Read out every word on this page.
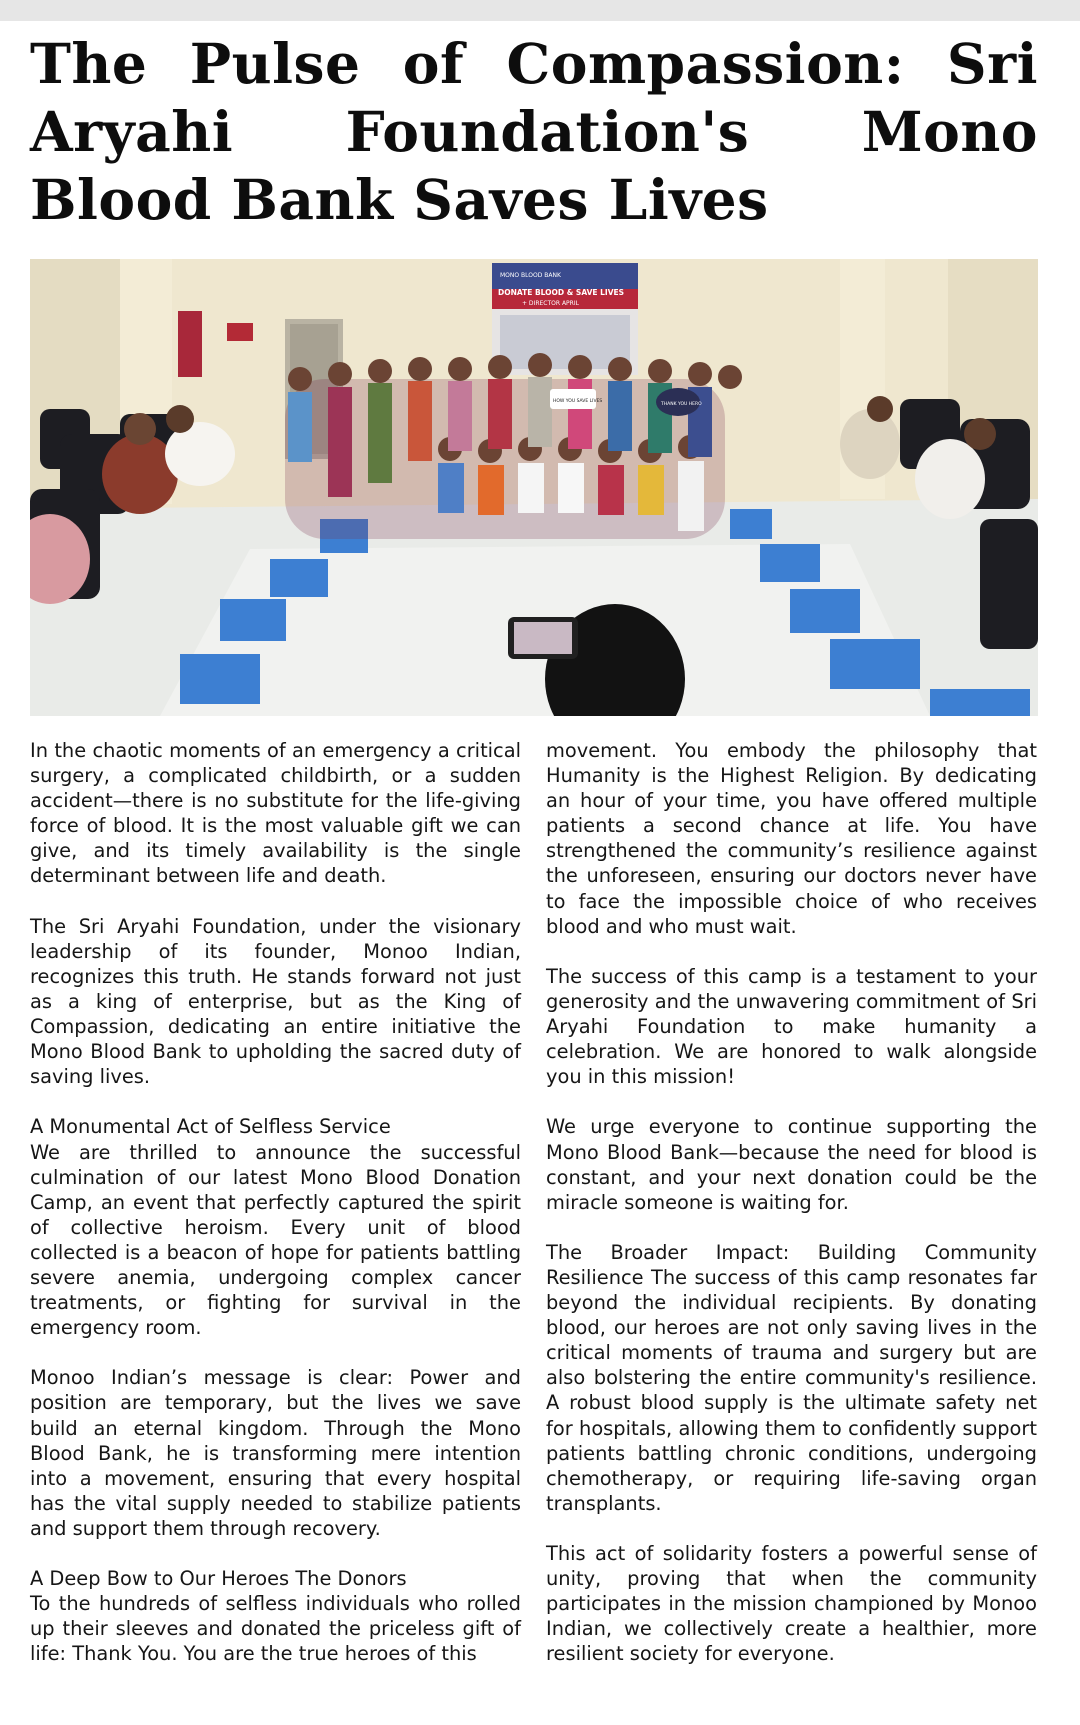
The Pulse of Compassion: Sri Aryahi Foundation's Mono Blood Bank Saves Lives
MONO BLOOD BANK
DONATE BLOOD & SAVE LIVES
+ DIRECTOR APRIL
HOW YOU SAVE LIVES
THANK YOU HERO

In the chaotic moments of an emergency a critical surgery, a complicated childbirth, or a sudden accident—there is no substitute for the life-giving force of blood. It is the most valuable gift we can give, and its timely availability is the single determinant between life and death.

The Sri Aryahi Foundation, under the visionary leadership of its founder, Monoo Indian, recognizes this truth. He stands forward not just as a king of enterprise, but as the King of Compassion, dedicating an entire initiative the Mono Blood Bank to upholding the sacred duty of saving lives.

A Monumental Act of Selfless Service

We are thrilled to announce the successful culmination of our latest Mono Blood Donation Camp, an event that perfectly captured the spirit of collective heroism. Every unit of blood collected is a beacon of hope for patients battling severe anemia, undergoing complex cancer treatments, or fighting for survival in the emergency room.

Monoo Indian’s message is clear: Power and position are temporary, but the lives we save build an eternal kingdom. Through the Mono Blood Bank, he is transforming mere intention into a movement, ensuring that every hospital has the vital supply needed to stabilize patients and support them through recovery.

A Deep Bow to Our Heroes The Donors

To the hundreds of selfless individuals who rolled up their sleeves and donated the priceless gift of life: Thank You. You are the true heroes of this

movement. You embody the philosophy that Humanity is the Highest Religion. By dedicating an hour of your time, you have offered multiple patients a second chance at life. You have strengthened the community’s resilience against the unforeseen, ensuring our doctors never have to face the impossible choice of who receives blood and who must wait.

The success of this camp is a testament to your generosity and the unwavering commitment of Sri Aryahi Foundation to make humanity a celebration. We are honored to walk alongside you in this mission!

We urge everyone to continue supporting the Mono Blood Bank—because the need for blood is constant, and your next donation could be the miracle someone is waiting for.

The Broader Impact: Building Community Resilience The success of this camp resonates far beyond the individual recipients. By donating blood, our heroes are not only saving lives in the critical moments of trauma and surgery but are also bolstering the entire community's resilience. A robust blood supply is the ultimate safety net for hospitals, allowing them to confidently support patients battling chronic conditions, undergoing chemotherapy, or requiring life-saving organ transplants.

This act of solidarity fosters a powerful sense of unity, proving that when the community participates in the mission championed by Monoo Indian, we collectively create a healthier, more resilient society for everyone.
